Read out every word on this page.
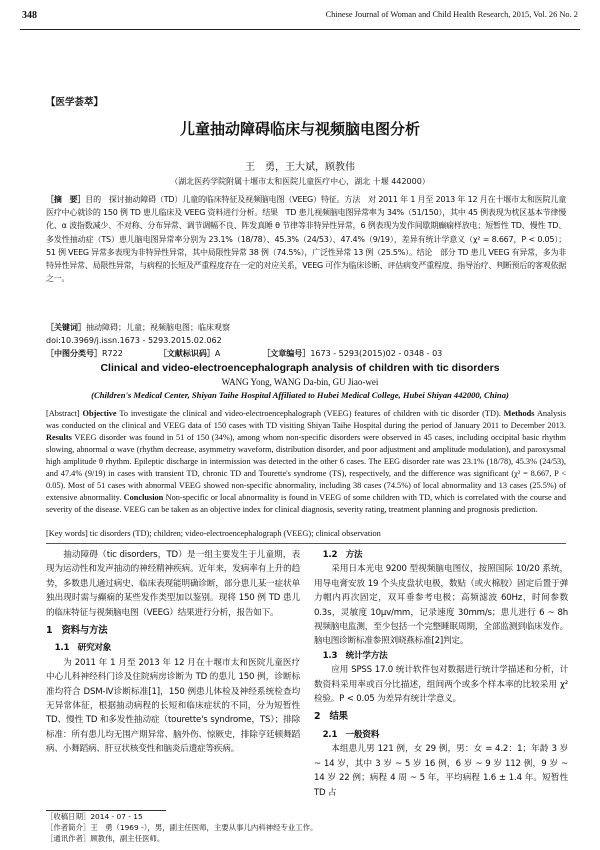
348	Chinese Journal of Woman and Child Health Research, 2015, Vol. 26 No. 2
【医学荟萃】
儿童抽动障碍临床与视频脑电图分析
王　勇，王大斌，顾教伟
（湖北医药学院附属十堰市太和医院儿童医疗中心，湖北 十堰 442000）
［摘　要］目的　探讨抽动障碍（TD）儿童的临床特征及视频脑电图（VEEG）特征。方法　对 2011 年 1 月至 2013 年 12 月在十堰市太和医院儿童医疗中心就诊的 150 例 TD 患儿临床及 VEEG 资料进行分析。结果　TD 患儿视频脑电图异常率为 34%（51/150），其中 45 例表现为枕区基本节律慢化、α 波指数减少、不对称、分布异常、调节调幅不良、阵发真睡 θ 节律等非特异性异常，6 例表现为发作间歇期癫痫样放电；短暂性 TD、慢性 TD、多发性抽动症（TS）患儿脑电图异常率分别为 23.1%（18/78）、45.3%（24/53）、47.4%（9/19），差异有统计学意义（χ² = 8.667，P < 0.05）；51 例 VEEG 异常多表现为非特异性异常，其中局限性异常 38 例（74.5%），广泛性异常 13 例（25.5%）。结论　部分 TD 患儿 VEEG 有异常，多为非特异性异常、局限性异常，与病程的长短及严重程度存在一定的对应关系，VEEG 可作为临床诊断、评估病变严重程度、指导治疗、判断预后的客观依据之一。
［关键词］抽动障碍；儿童；视频脑电图；临床观察
doi:10.3969/j.issn.1673 - 5293.2015.02.062
［中图分类号］R722	［文献标识码］A	［文章编号］1673 - 5293(2015)02 - 0348 - 03
Clinical and video-electroencephalograph analysis of children with tic disorders
WANG Yong, WANG Da-bin, GU Jiao-wei
(Children's Medical Center, Shiyan Taihe Hospital Affiliated to Hubei Medical College, Hubei Shiyan 442000, China)
[Abstract] Objective To investigate the clinical and video-electroencephalograph (VEEG) features of children with tic disorder (TD). Methods Analysis was conducted on the clinical and VEEG data of 150 cases with TD visiting Shiyan Taihe Hospital during the period of January 2011 to December 2013. Results VEEG disorder was found in 51 of 150 (34%), among whom non-specific disorders were observed in 45 cases, including occipital basic rhythm slowing, abnormal α wave (rhythm decrease, asymmetry waveform, distribution disorder, and poor adjustment and amplitude modulation), and paroxysmal high amplitude θ rhythm. Epileptic discharge in intermission was detected in the other 6 cases. The EEG disorder rate was 23.1% (18/78), 45.3% (24/53), and 47.4% (9/19) in cases with transient TD, chronic TD and Tourette's syndrome (TS), respectively, and the difference was significant (χ² = 8.667, P < 0.05). Most of 51 cases with abnormal VEEG showed non-specific abnormality, including 38 cases (74.5%) of local abnormality and 13 cases (25.5%) of extensive abnormality. Conclusion Non-specific or local abnormality is found in VEEG of some children with TD, which is correlated with the course and severity of the disease. VEEG can be taken as an objective index for clinical diagnosis, severity rating, treatment planning and prognosis prediction.
[Key words] tic disorders (TD); children; video-electroencephalograph (VEEG); clinical observation

抽动障碍（tic disorders，TD）是一组主要发生于儿童期，表现为运动性和发声抽动的神经精神疾病。近年来，发病率有上升的趋势，多数患儿通过病史、临床表现能明确诊断，部分患儿某一症状单独出现时需与癫痫的某些发作类型加以鉴别。现将 150 例 TD 患儿的临床特征与视频脑电图（VEEG）结果进行分析，报告如下。

1　资料与方法
1.1　研究对象

为 2011 年 1 月至 2013 年 12 月在十堰市太和医院儿童医疗中心儿科神经科门诊及住院病房诊断为 TD 的患儿 150 例，诊断标准均符合 DSM-Ⅳ诊断标准[1]，150 例患儿体检及神经系统检查均无异常体征，根据抽动病程的长短和临床症状的不同，分为短暂性 TD、慢性 TD 和多发性抽动症（tourette's syndrome，TS）；排除标准：所有患儿均无围产期异常、脑外伤、惊厥史，排除亨廷顿舞蹈病、小舞蹈病、肝豆状核变性和脑炎后遗症等疾病。

1.2　方法

采用日本光电 9200 型视频脑电图仪，按照国际 10/20 系统，用导电膏安放 19 个头皮盘状电极，数贴（或火棉胶）固定后置于弹力帽内再次固定，双耳垂参考电极；高频滤波 60Hz，时间参数 0.3s，灵敏度 10μv/mm，记录速度 30mm/s；患儿进行 6 ~ 8h 视频脑电监测，至少包括一个完整睡眠周期，全部监测到临床发作。脑电图诊断标准参照刘晓燕标准[2]判定。

1.3　统计学方法

应用 SPSS 17.0 统计软件包对数据进行统计学描述和分析，计数资料采用率或百分比描述，组间两个或多个样本率的比较采用 χ² 检验。P < 0.05 为差异有统计学意义。

2　结果
2.1　一般资料

本组患儿男 121 例，女 29 例，男：女 = 4.2：1；年龄 3 岁 ~ 14 岁，其中 3 岁 ~ 5 岁 16 例，6 岁 ~ 9 岁 112 例，9 岁 ~ 14 岁 22 例；病程 4 周 ~ 5 年，平均病程 1.6 ± 1.4 年。短暂性 TD 占

［收稿日期］2014 - 07 - 15
［作者简介］王　勇（1969 -），男，副主任医师，主要从事儿内科神经专业工作。
［通讯作者］顾教伟，副主任医师。
